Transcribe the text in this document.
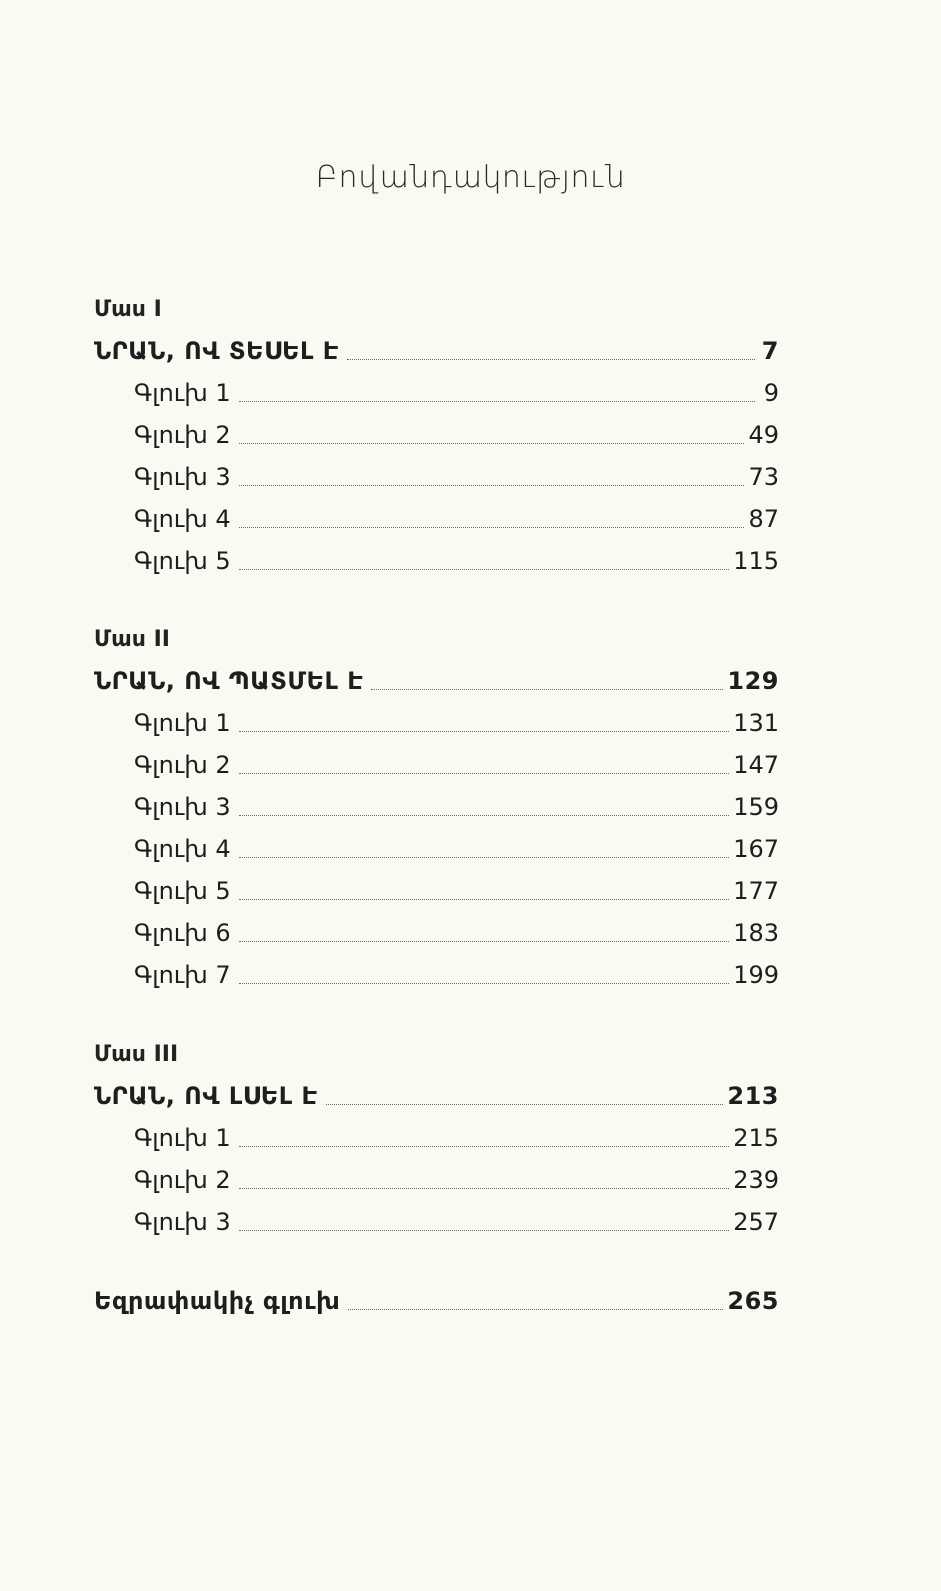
Բովանդակություն
Մաս I
ՆՐԱՆ, ՈՎ ՏԵՍԵԼ Է	7
Գլուխ 1	9
Գլուխ 2	49
Գլուխ 3	73
Գլուխ 4	87
Գլուխ 5	115
Մաս II
ՆՐԱՆ, ՈՎ ՊԱՏՄԵԼ Է	129
Գլուխ 1	131
Գլուխ 2	147
Գլուխ 3	159
Գլուխ 4	167
Գլուխ 5	177
Գլուխ 6	183
Գլուխ 7	199
Մաս III
ՆՐԱՆ, ՈՎ ԼՍԵԼ Է	213
Գլուխ 1	215
Գլուխ 2	239
Գլուխ 3	257
Եզրափակիչ գլուխ	265
